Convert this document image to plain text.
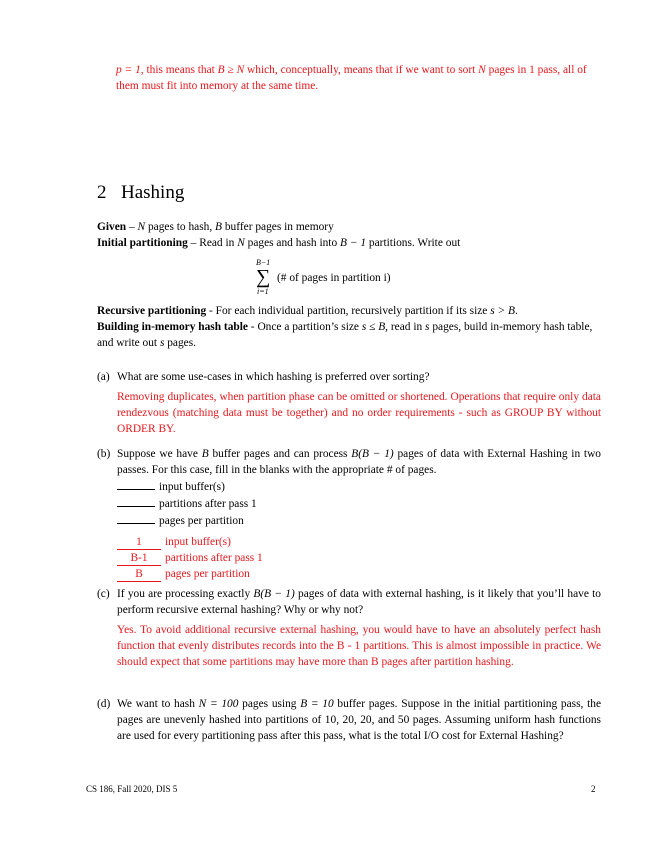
p = 1, this means that B ≥ N which, conceptually, means that if we want to sort N pages in 1 pass, all of them must fit into memory at the same time.
2 Hashing
Given – N pages to hash, B buffer pages in memory
Initial partitioning – Read in N pages and hash into B − 1 partitions. Write out
B−1
∑
i=1
(# of pages in partition i)
Recursive partitioning - For each individual partition, recursively partition if its size s > B.
Building in-memory hash table - Once a partition’s size s ≤ B, read in s pages, build in-memory hash table, and write out s pages.
(a) What are some use-cases in which hashing is preferred over sorting?
Removing duplicates, when partition phase can be omitted or shortened. Operations that require only data rendezvous (matching data must be together) and no order requirements - such as GROUP BY without ORDER BY.
(b) Suppose we have B buffer pages and can process B(B − 1) pages of data with External Hashing in two passes. For this case, fill in the blanks with the appropriate # of pages.
input buffer(s)
partitions after pass 1
pages per partition
1 input buffer(s)
B-1 partitions after pass 1
B pages per partition
(c) If you are processing exactly B(B − 1) pages of data with external hashing, is it likely that you’ll have to perform recursive external hashing? Why or why not?
Yes. To avoid additional recursive external hashing, you would have to have an absolutely perfect hash function that evenly distributes records into the B - 1 partitions. This is almost impossible in practice. We should expect that some partitions may have more than B pages after partition hashing.
(d) We want to hash N = 100 pages using B = 10 buffer pages. Suppose in the initial partitioning pass, the pages are unevenly hashed into partitions of 10, 20, 20, and 50 pages. Assuming uniform hash functions are used for every partitioning pass after this pass, what is the total I/O cost for External Hashing?
CS 186, Fall 2020, DIS 5	2
